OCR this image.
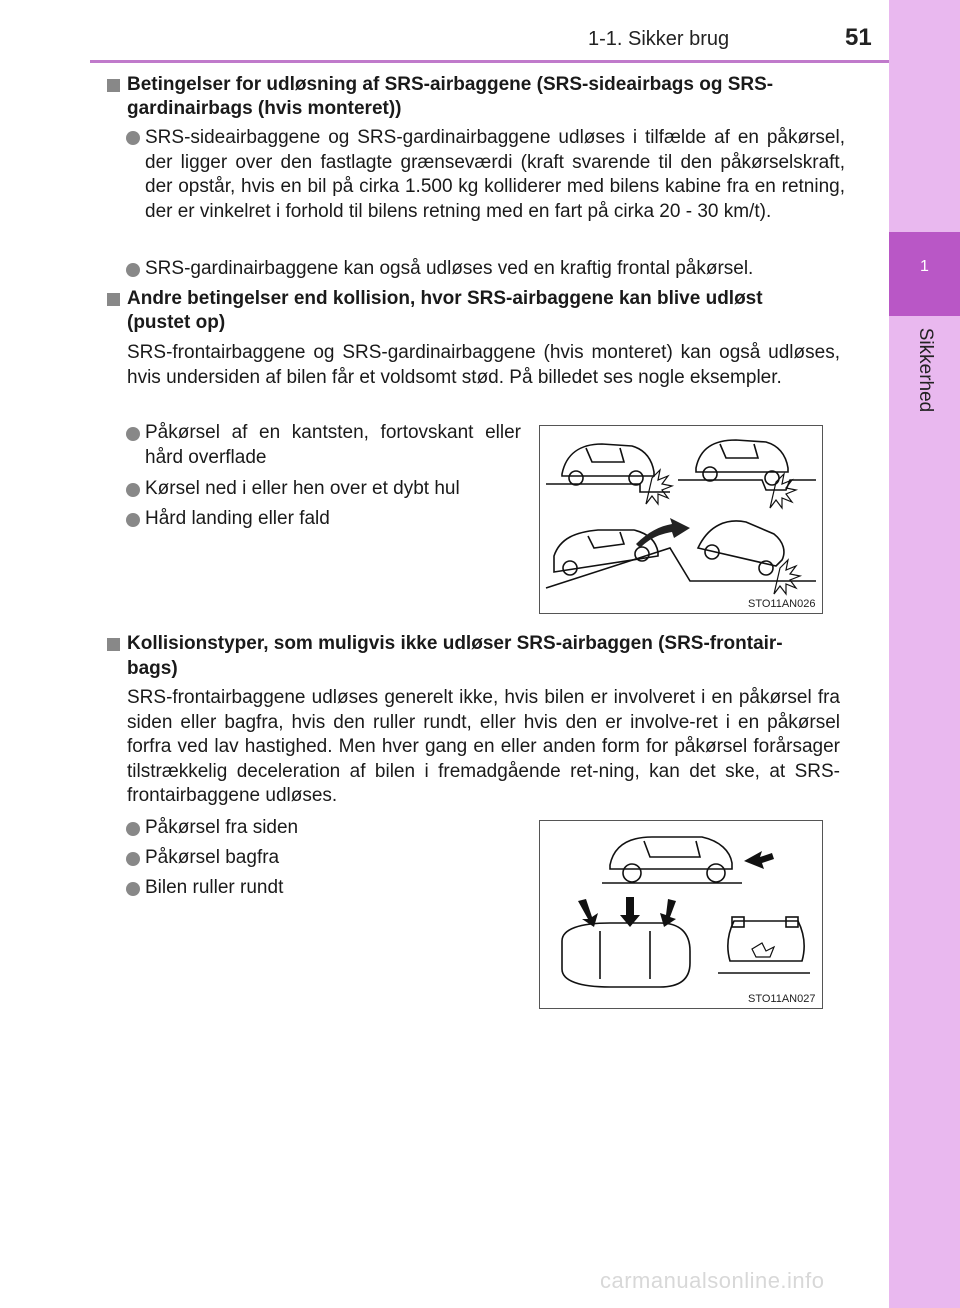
1
Sikkerhed
1-1. Sikker brug	51
Betingelser for udløsning af SRS-airbaggene (SRS-sideairbags og SRS-
gardinairbags (hvis monteret))
SRS-sideairbaggene og SRS-gardinairbaggene udløses i tilfælde af en påkørsel, der ligger over den fastlagte grænseværdi (kraft svarende til den påkørselskraft, der opstår, hvis en bil på cirka 1.500 kg kolliderer med bilens kabine fra en retning, der er vinkelret i forhold til bilens retning med en fart på cirka 20 - 30 km/t).
SRS-gardinairbaggene kan også udløses ved en kraftig frontal påkørsel.
Andre betingelser end kollision, hvor SRS-airbaggene kan blive udløst
(pustet op)
SRS-frontairbaggene og SRS-gardinairbaggene (hvis monteret) kan også udløses, hvis undersiden af bilen får et voldsomt stød. På billedet ses nogle eksempler.
Påkørsel af en kantsten, fortovskant eller hård overflade
Kørsel ned i eller hen over et dybt hul
Hård landing eller fald
STO11AN026
Kollisionstyper, som muligvis ikke udløser SRS-airbaggen (SRS-frontair-
bags)
SRS-frontairbaggene udløses generelt ikke, hvis bilen er involveret i en påkørsel fra siden eller bagfra, hvis den ruller rundt, eller hvis den er involve-ret i en påkørsel forfra ved lav hastighed. Men hver gang en eller anden form for påkørsel forårsager tilstrækkelig deceleration af bilen i fremadgående ret-ning, kan det ske, at SRS-frontairbaggene udløses.
Påkørsel fra siden
Påkørsel bagfra
Bilen ruller rundt
STO11AN027
carmanualsonline.info
